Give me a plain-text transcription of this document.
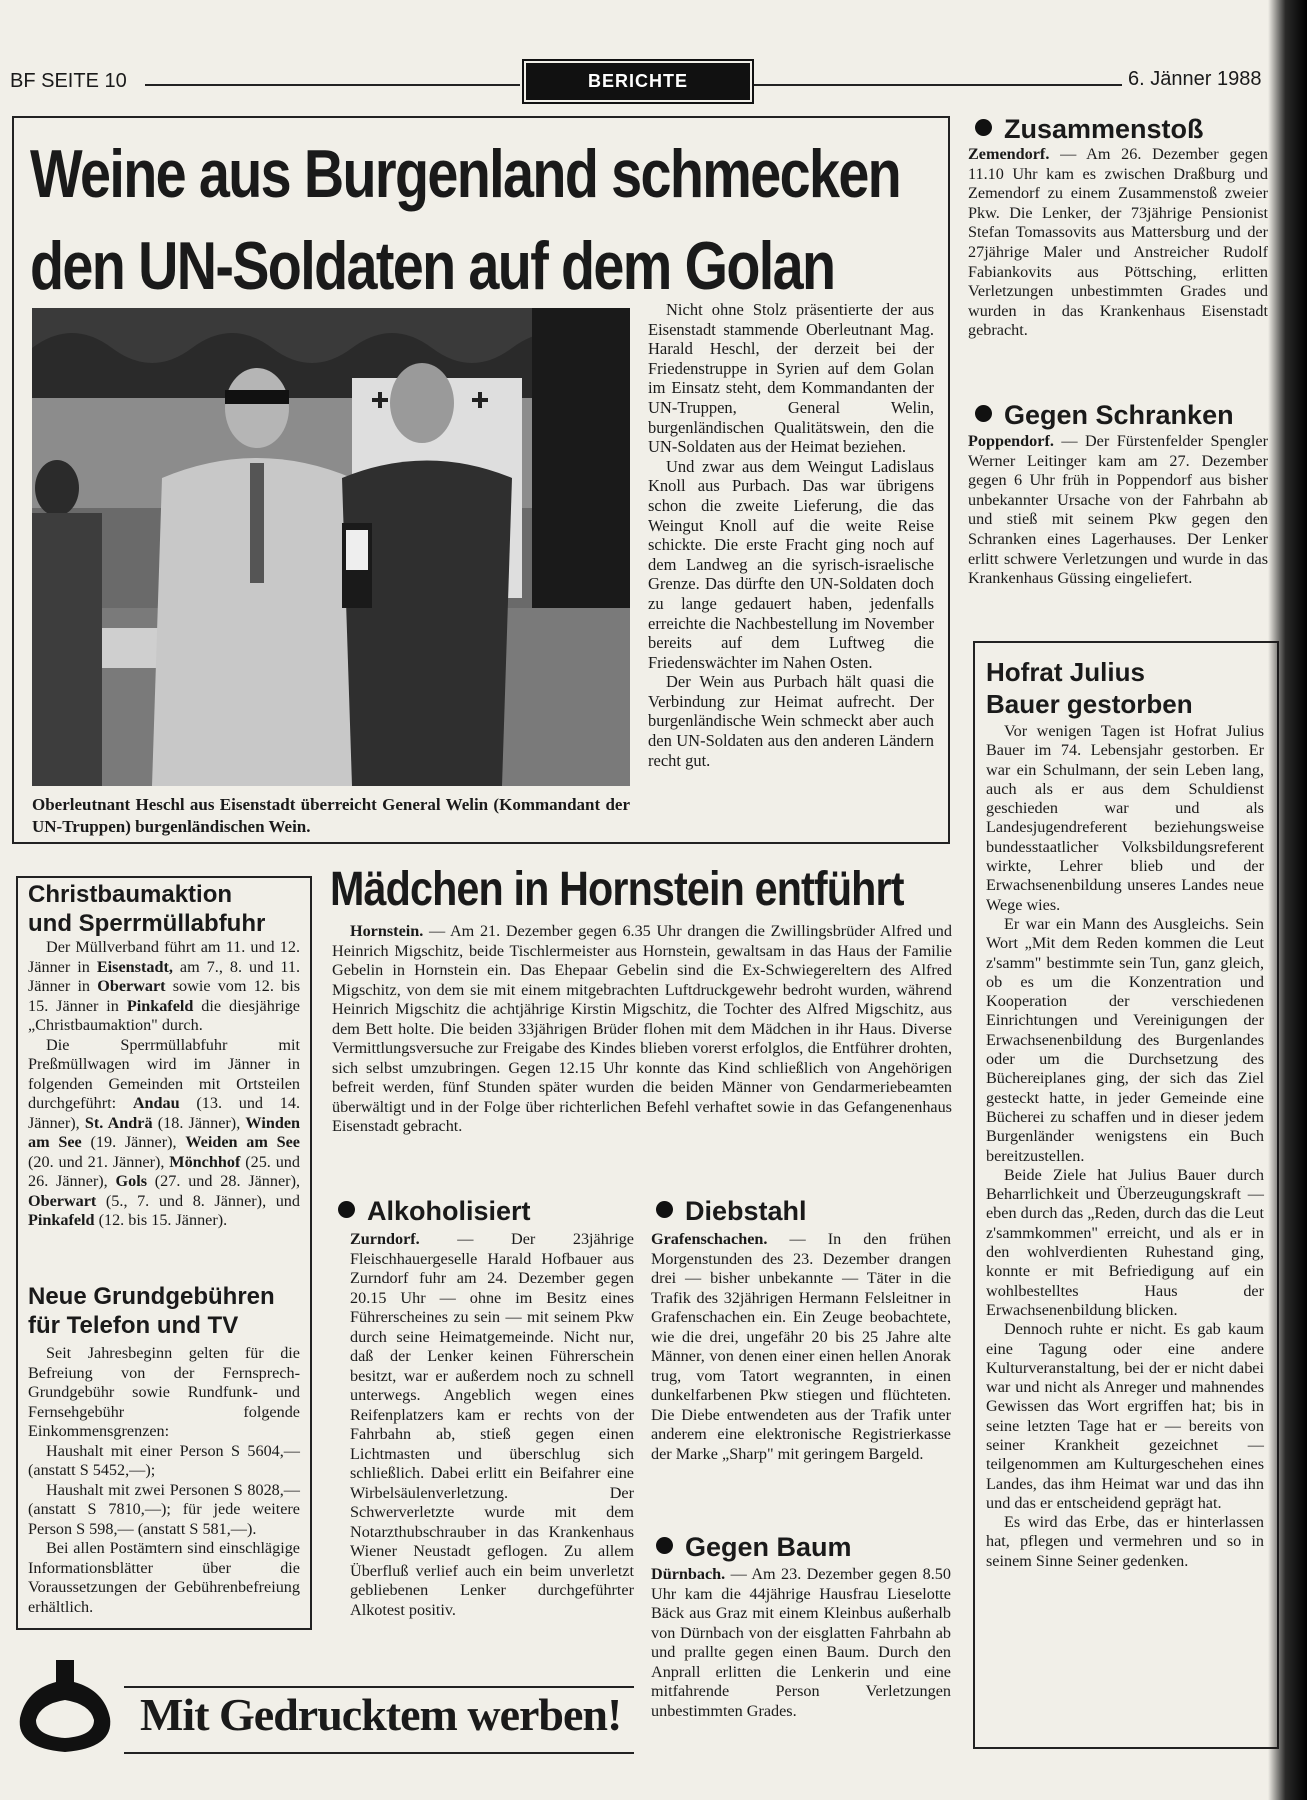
BF SEITE 10	BERICHTE	6. Jänner 1988
Weine aus Burgenland schmecken
den UN-Soldaten auf dem Golan
Oberleutnant Heschl aus Eisenstadt überreicht General Welin (Kommandant der UN-Truppen) burgenländischen Wein.

Nicht ohne Stolz präsentierte der aus Eisenstadt stammende Oberleutnant Mag. Harald Heschl, der derzeit bei der Friedenstruppe in Syrien auf dem Golan im Einsatz steht, dem Kommandanten der UN-Truppen, General Welin, burgenländischen Qualitätswein, den die UN-Soldaten aus der Heimat beziehen.

Und zwar aus dem Weingut Ladislaus Knoll aus Purbach. Das war übrigens schon die zweite Lieferung, die das Weingut Knoll auf die weite Reise schickte. Die erste Fracht ging noch auf dem Landweg an die syrisch-israelische Grenze. Das dürfte den UN-Soldaten doch zu lange gedauert haben, jedenfalls erreichte die Nachbestellung im November bereits auf dem Luftweg die Friedenswächter im Nahen Osten.

Der Wein aus Purbach hält quasi die Verbindung zur Heimat aufrecht. Der burgenländische Wein schmeckt aber auch den UN-Soldaten aus den anderen Ländern recht gut.

Zusammenstoß

Zemendorf. — Am 26. Dezember gegen 11.10 Uhr kam es zwischen Draßburg und Zemendorf zu einem Zusammenstoß zweier Pkw. Die Lenker, der 73jährige Pensionist Stefan Tomassovits aus Mattersburg und der 27jährige Maler und Anstreicher Rudolf Fabiankovits aus Pöttsching, erlitten Verletzungen unbestimmten Grades und wurden in das Krankenhaus Eisenstadt gebracht.

Gegen Schranken

Poppendorf. — Der Fürstenfelder Spengler Werner Leitinger kam am 27. Dezember gegen 6 Uhr früh in Poppendorf aus bisher unbekannter Ursache von der Fahrbahn ab und stieß mit seinem Pkw gegen den Schranken eines Lagerhauses. Der Lenker erlitt schwere Verletzungen und wurde in das Krankenhaus Güssing eingeliefert.

Hofrat Julius
Bauer gestorben

Vor wenigen Tagen ist Hofrat Julius Bauer im 74. Lebensjahr gestorben. Er war ein Schulmann, der sein Leben lang, auch als er aus dem Schuldienst geschieden war und als Landesjugendreferent beziehungsweise bundesstaatlicher Volksbildungsreferent wirkte, Lehrer blieb und der Erwachsenenbildung unseres Landes neue Wege wies.

Er war ein Mann des Ausgleichs. Sein Wort „Mit dem Reden kommen die Leut z'samm" bestimmte sein Tun, ganz gleich, ob es um die Konzentration und Kooperation der verschiedenen Einrichtungen und Vereinigungen der Erwachsenenbildung des Burgenlandes oder um die Durchsetzung des Büchereiplanes ging, der sich das Ziel gesteckt hatte, in jeder Gemeinde eine Bücherei zu schaffen und in dieser jedem Burgenländer wenigstens ein Buch bereitzustellen.

Beide Ziele hat Julius Bauer durch Beharrlichkeit und Überzeugungskraft — eben durch das „Reden, durch das die Leut z'sammkommen" erreicht, und als er in den wohlverdienten Ruhestand ging, konnte er mit Befriedigung auf ein wohlbestelltes Haus der Erwachsenenbildung blicken.

Dennoch ruhte er nicht. Es gab kaum eine Tagung oder eine andere Kulturveranstaltung, bei der er nicht dabei war und nicht als Anreger und mahnendes Gewissen das Wort ergriffen hat; bis in seine letzten Tage hat er — bereits von seiner Krankheit gezeichnet — teilgenommen am Kulturgeschehen eines Landes, das ihm Heimat war und das ihn und das er entscheidend geprägt hat.

Es wird das Erbe, das er hinterlassen hat, pflegen und vermehren und so in seinem Sinne Seiner gedenken.

Christbaumaktion
und Sperrmüllabfuhr

Der Müllverband führt am 11. und 12. Jänner in Eisenstadt, am 7., 8. und 11. Jänner in Oberwart sowie vom 12. bis 15. Jänner in Pinkafeld die diesjährige „Christbaumaktion" durch.

Die Sperrmüllabfuhr mit Preßmüllwagen wird im Jänner in folgenden Gemeinden mit Ortsteilen durchgeführt: Andau (13. und 14. Jänner), St. Andrä (18. Jänner), Winden am See (19. Jänner), Weiden am See (20. und 21. Jänner), Mönchhof (25. und 26. Jänner), Gols (27. und 28. Jänner), Oberwart (5., 7. und 8. Jänner), und Pinkafeld (12. bis 15. Jänner).

Neue Grundgebühren
für Telefon und TV

Seit Jahresbeginn gelten für die Befreiung von der Fernsprech-Grundgebühr sowie Rundfunk- und Fernsehgebühr folgende Einkommensgrenzen:

Haushalt mit einer Person S 5604,— (anstatt S 5452,—);

Haushalt mit zwei Personen S 8028,— (anstatt S 7810,—); für jede weitere Person S 598,— (anstatt S 581,—).

Bei allen Postämtern sind einschlägige Informationsblätter über die Voraussetzungen der Gebührenbefreiung erhältlich.

Mädchen in Hornstein entführt

Hornstein. — Am 21. Dezember gegen 6.35 Uhr drangen die Zwillingsbrüder Alfred und Heinrich Migschitz, beide Tischlermeister aus Hornstein, gewaltsam in das Haus der Familie Gebelin in Hornstein ein. Das Ehepaar Gebelin sind die Ex-Schwiegereltern des Alfred Migschitz, von dem sie mit einem mitgebrachten Luftdruckgewehr bedroht wurden, während Heinrich Migschitz die achtjährige Kirstin Migschitz, die Tochter des Alfred Migschitz, aus dem Bett holte. Die beiden 33jährigen Brüder flohen mit dem Mädchen in ihr Haus. Diverse Vermittlungsversuche zur Freigabe des Kindes blieben vorerst erfolglos, die Entführer drohten, sich selbst umzubringen. Gegen 12.15 Uhr konnte das Kind schließlich von Angehörigen befreit werden, fünf Stunden später wurden die beiden Männer von Gendarmeriebeamten überwältigt und in der Folge über richterlichen Befehl verhaftet sowie in das Gefangenenhaus Eisenstadt gebracht.

Alkoholisiert

Zurndorf. — Der 23jährige Fleischhauergeselle Harald Hofbauer aus Zurndorf fuhr am 24. Dezember gegen 20.15 Uhr — ohne im Besitz eines Führerscheines zu sein — mit seinem Pkw durch seine Heimatgemeinde. Nicht nur, daß der Lenker keinen Führerschein besitzt, war er außerdem noch zu schnell unterwegs. Angeblich wegen eines Reifenplatzers kam er rechts von der Fahrbahn ab, stieß gegen einen Lichtmasten und überschlug sich schließlich. Dabei erlitt ein Beifahrer eine Wirbelsäulenverletzung. Der Schwerverletzte wurde mit dem Notarzthubschrauber in das Krankenhaus Wiener Neustadt geflogen. Zu allem Überfluß verlief auch ein beim unverletzt gebliebenen Lenker durchgeführter Alkotest positiv.

Diebstahl

Grafenschachen. — In den frühen Morgenstunden des 23. Dezember drangen drei — bisher unbekannte — Täter in die Trafik des 32jährigen Hermann Felsleitner in Grafenschachen ein. Ein Zeuge beobachtete, wie die drei, ungefähr 20 bis 25 Jahre alte Männer, von denen einer einen hellen Anorak trug, vom Tatort wegrannten, in einen dunkelfarbenen Pkw stiegen und flüchteten. Die Diebe entwendeten aus der Trafik unter anderem eine elektronische Registrierkasse der Marke „Sharp" mit geringem Bargeld.

Gegen Baum

Dürnbach. — Am 23. Dezember gegen 8.50 Uhr kam die 44jährige Hausfrau Lieselotte Bäck aus Graz mit einem Kleinbus außerhalb von Dürnbach von der eisglatten Fahrbahn ab und prallte gegen einen Baum. Durch den Anprall erlitten die Lenkerin und eine mitfahrende Person Verletzungen unbestimmten Grades.

Mit Gedrucktem werben!
